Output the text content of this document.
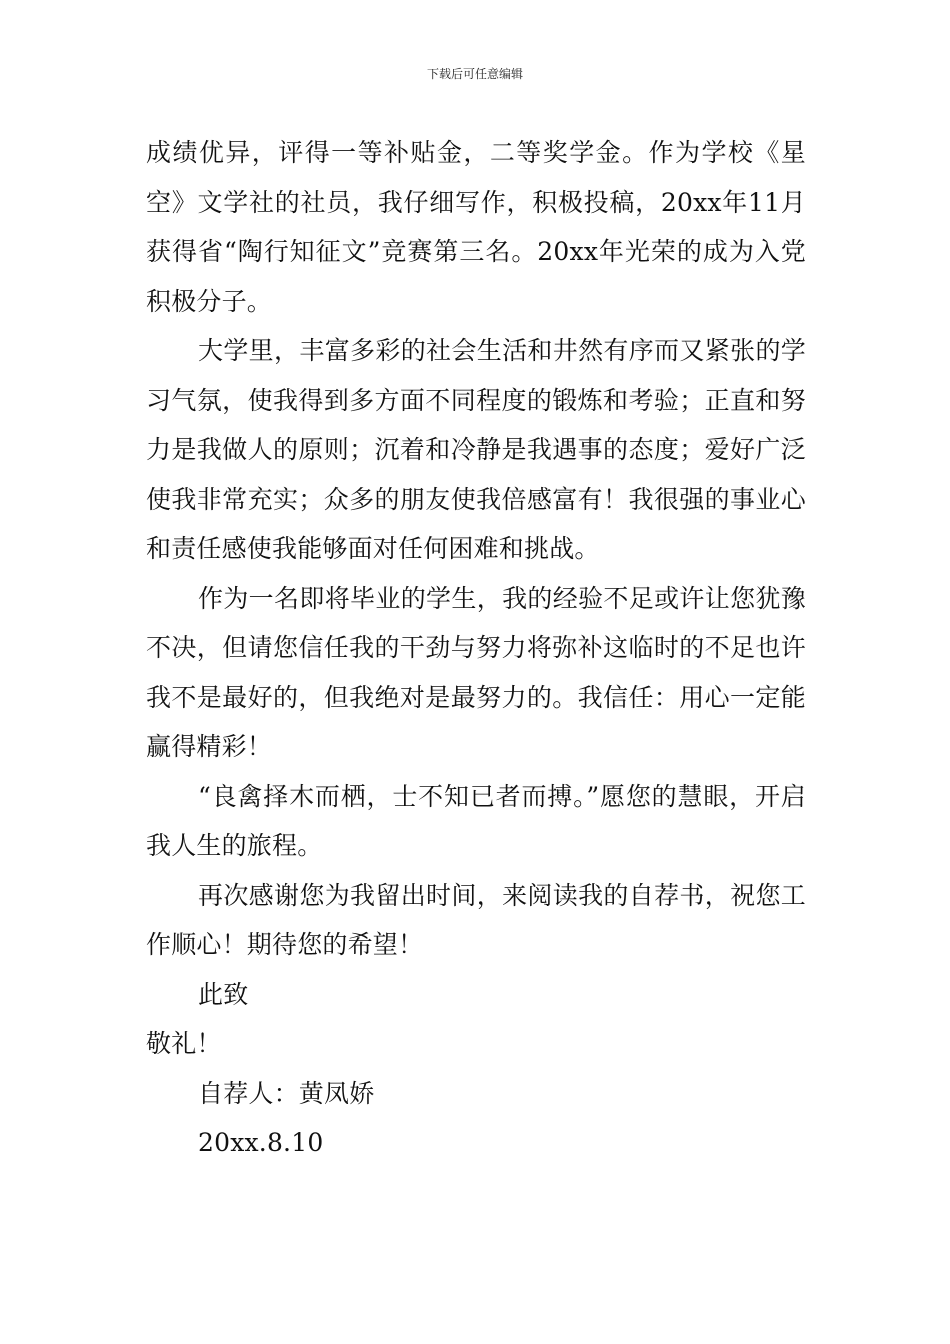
下载后可任意编辑

成绩优异，评得一等补贴金，二等奖学金。作为学校《星空》文学社的社员，我仔细写作，积极投稿，20xx年11月获得省“陶行知征文”竞赛第三名。20xx年光荣的成为入党积极分子。

大学里，丰富多彩的社会生活和井然有序而又紧张的学习气氛，使我得到多方面不同程度的锻炼和考验；正直和努力是我做人的原则；沉着和冷静是我遇事的态度；爱好广泛使我非常充实；众多的朋友使我倍感富有！我很强的事业心和责任感使我能够面对任何困难和挑战。

作为一名即将毕业的学生，我的经验不足或许让您犹豫不决，但请您信任我的干劲与努力将弥补这临时的不足也许我不是最好的，但我绝对是最努力的。我信任：用心一定能赢得精彩！

“良禽择木而栖，士不知已者而搏。”愿您的慧眼，开启我人生的旅程。

再次感谢您为我留出时间，来阅读我的自荐书，祝您工作顺心！期待您的希望！

此致

敬礼！

自荐人：黄凤娇

20xx.8.10
